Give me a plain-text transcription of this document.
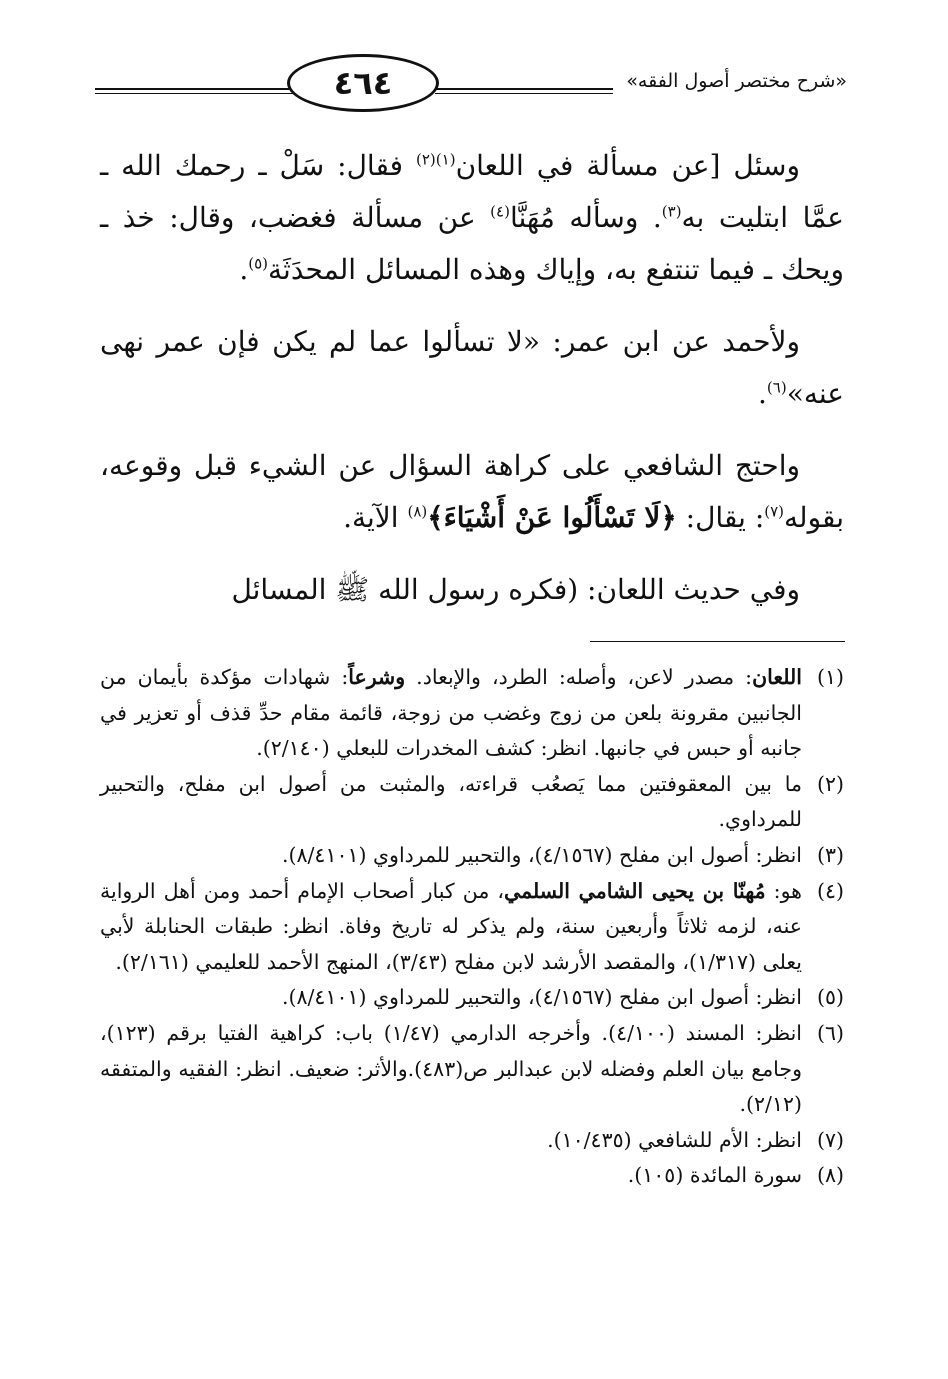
٤٦٤	«شرح مختصر أصول الفقه»

وسئل [عن مسألة في اللعان$^{(١)(٢)}$ فقال: سَلْ ـ رحمك الله ـ عمَّا ابتليت به$^{(٣)}$. وسأله مُهَنَّا$^{(٤)}$ عن مسألة فغضب، وقال: خذ ـ ويحك ـ فيما تنتفع به، وإياك وهذه المسائل المحدَثَة$^{(٥)}$.

ولأحمد عن ابن عمر: «لا تسألوا عما لم يكن فإن عمر نهى عنه»$^{(٦)}$.

واحتج الشافعي على كراهة السؤال عن الشيء قبل وقوعه، بقوله$^{(٧)}$: يقال: ﴿لَا تَسْأَلُوا عَنْ أَشْيَاءَ﴾$^{(٨)}$ الآية.

وفي حديث اللعان: (فكره رسول الله ﷺ المسائل

(١)
اللعان: مصدر لاعن، وأصله: الطرد، والإبعاد. وشرعاً: شهادات مؤكدة بأيمان من الجانبين مقرونة بلعن من زوج وغضب من زوجة، قائمة مقام حدِّ قذف أو تعزير في جانبه أو حبس في جانبها. انظر: كشف المخدرات للبعلي (٢/١٤٠).
(٢)
ما بين المعقوفتين مما يَصعُب قراءته، والمثبت من أصول ابن مفلح، والتحبير للمرداوي.
(٣)
انظر: أصول ابن مفلح (٤/١٥٦٧)، والتحبير للمرداوي (٨/٤١٠١).
(٤)
هو: مُهنّا بن يحيى الشامي السلمي، من كبار أصحاب الإمام أحمد ومن أهل الرواية عنه، لزمه ثلاثاً وأربعين سنة، ولم يذكر له تاريخ وفاة. انظر: طبقات الحنابلة لأبي يعلى (١/٣١٧)، والمقصد الأرشد لابن مفلح (٣/٤٣)، المنهج الأحمد للعليمي (٢/١٦١).
(٥)
انظر: أصول ابن مفلح (٤/١٥٦٧)، والتحبير للمرداوي (٨/٤١٠١).
(٦)
انظر: المسند (٤/١٠٠). وأخرجه الدارمي (١/٤٧) باب: كراهية الفتيا برقم (١٢٣)، وجامع بيان العلم وفضله لابن عبدالبر ص(٤٨٣).والأثر: ضعيف. انظر: الفقيه والمتفقه (٢/١٢).
(٧)
انظر: الأم للشافعي (١٠/٤٣٥).
(٨)
سورة المائدة (١٠٥).
